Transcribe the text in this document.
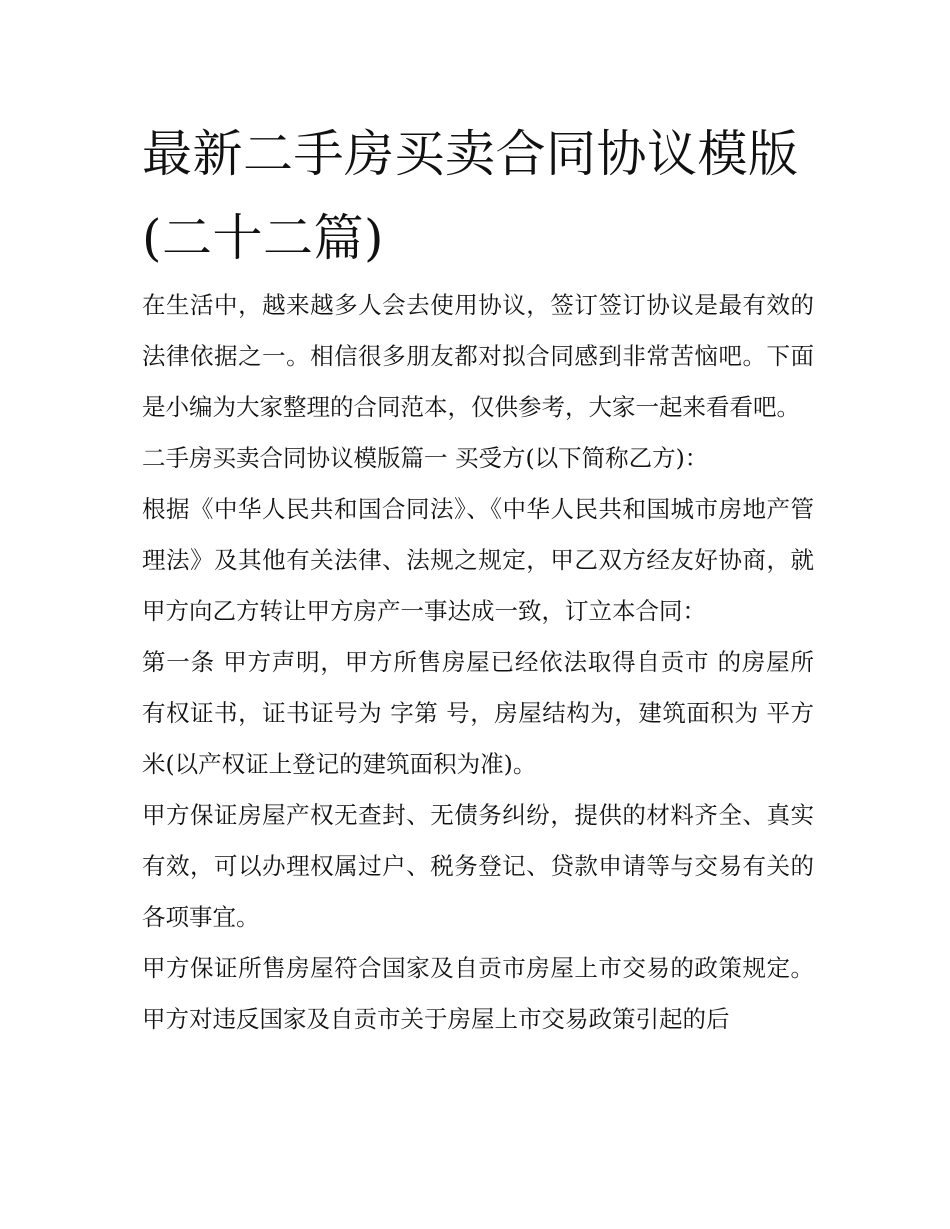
最新二手房买卖合同协议模版(二十二篇)

在生活中，越来越多人会去使用协议，签订签订协议是最有效的法律依据之一。相信很多朋友都对拟合同感到非常苦恼吧。下面是小编为大家整理的合同范本，仅供参考，大家一起来看看吧。

二手房买卖合同协议模版篇一 买受方(以下简称乙方)：

根据《中华人民共和国合同法》、《中华人民共和国城市房地产管理法》及其他有关法律、法规之规定，甲乙双方经友好协商，就甲方向乙方转让甲方房产一事达成一致，订立本合同：

第一条 甲方声明，甲方所售房屋已经依法取得自贡市 的房屋所有权证书，证书证号为 字第 号，房屋结构为，建筑面积为 平方米(以产权证上登记的建筑面积为准)。

甲方保证房屋产权无查封、无债务纠纷，提供的材料齐全、真实有效，可以办理权属过户、税务登记、贷款申请等与交易有关的各项事宜。

甲方保证所售房屋符合国家及自贡市房屋上市交易的政策规定。甲方对违反国家及自贡市关于房屋上市交易政策引起的后
